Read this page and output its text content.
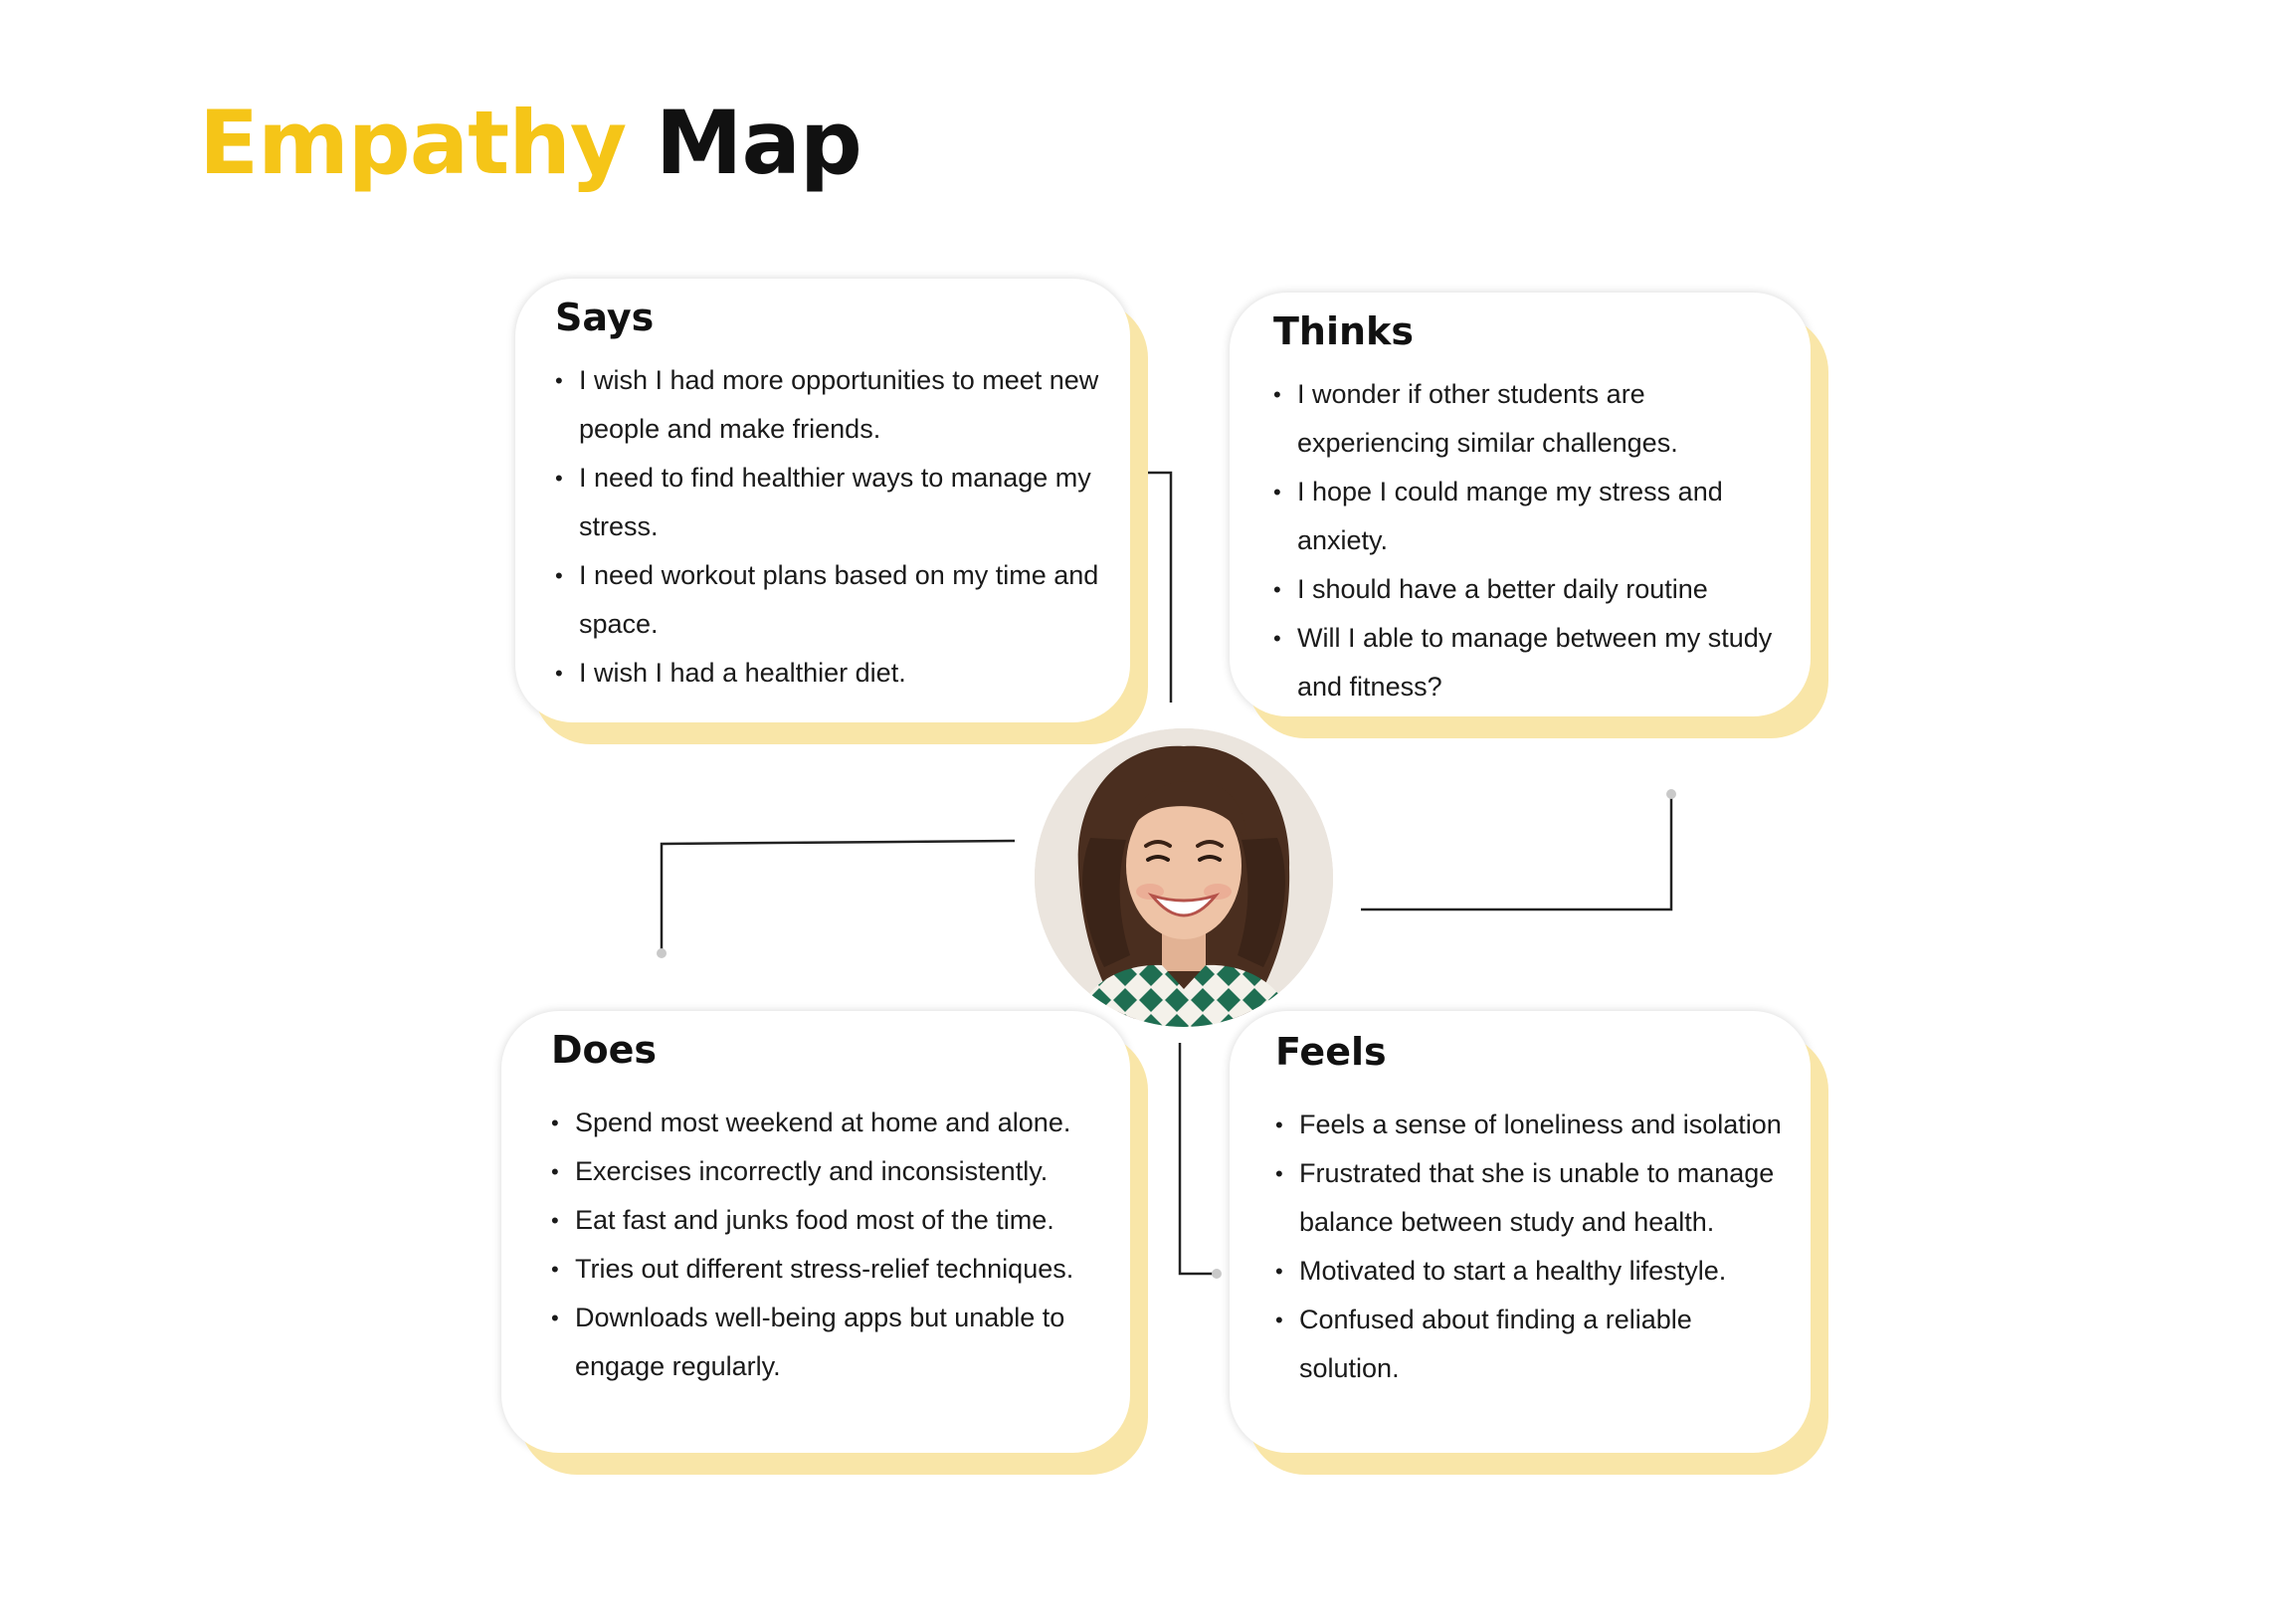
Empathy Map
Says
• I wish I had more opportunities to meet new people and make friends.
• I need to find healthier ways to manage my stress.
• I need workout plans based on my time and space.
• I wish I had a healthier diet.
Thinks
• I wonder if other students are experiencing similar challenges.
• I hope I could mange my stress and anxiety.
• I should have a better daily routine
• Will I able to manage between my study and fitness?
Does
• Spend most weekend at home and alone.
• Exercises incorrectly and inconsistently.
• Eat fast and junks food most of the time.
• Tries out different stress-relief techniques.
• Downloads well-being apps but unable to engage regularly.
Feels
• Feels a sense of loneliness and isolation
• Frustrated that she is unable to manage balance between study and health.
• Motivated to start a healthy lifestyle.
• Confused about finding a reliable solution.
